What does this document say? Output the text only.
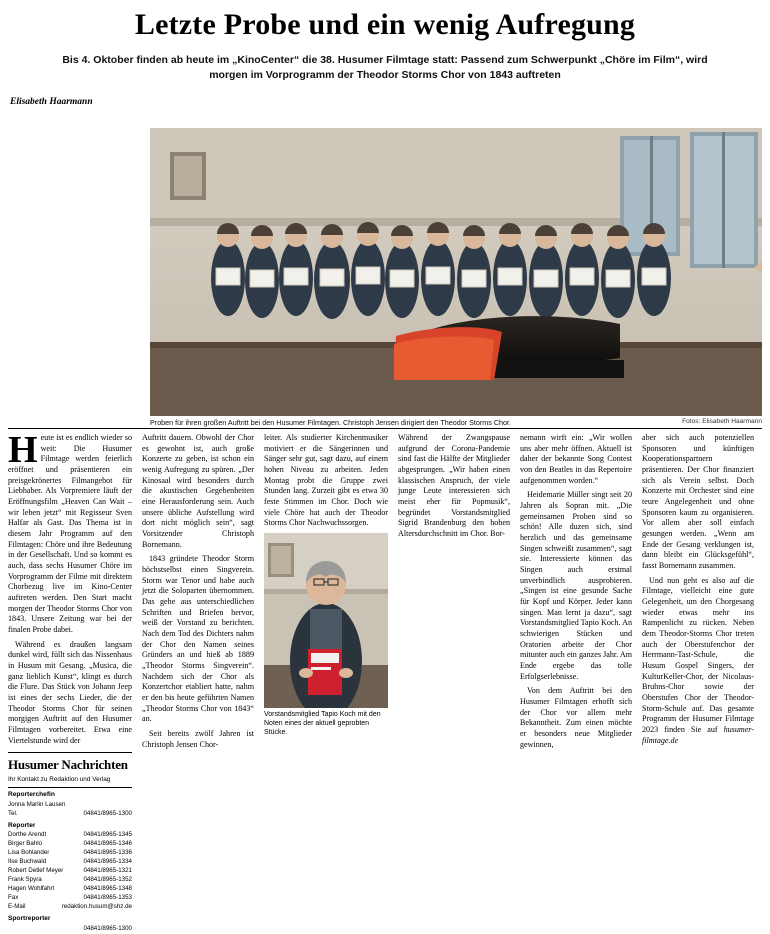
Letzte Probe und ein wenig Aufregung
Bis 4. Oktober finden ab heute im „KinoCenter“ die 38. Husumer Filmtage statt: Passend zum Schwerpunkt „Chöre im Film“, wird morgen im Vorprogramm der Theodor Storms Chor von 1843 auftreten
Elisabeth Haarmann
Proben für ihren großen Auftritt bei den Husumer Filmtagen. Christoph Jensen dirigiert den Theodor Storms Chor.	Fotos: Elisabeth Haarmann

Heute ist es endlich wieder so weit: Die Husumer Filmtage werden feierlich eröffnet und präsentieren ein preisgekrönertes Filmangebot für Liebhaber. Als Vorpremiere läuft der Eröffnungsfilm „Heaven Can Wait – wir leben jetzt“ mit Regisseur Sven Halfar als Gast. Das Thema ist in diesem Jahr Programm auf den Filmtagen: Chöre und ihre Bedeutung in der Gesellschaft. Und so kommt es auch, dass sechs Husumer Chöre im Vorprogramm der Filme mit direktem Chorbezug live im Kino-Center auftreten werden. Den Start macht morgen der Theodor Storms Chor von 1843. Unsere Zeitung war bei der finalen Probe dabei.

Während es draußen langsam dunkel wird, füllt sich das Nissenhaus in Husum mit Gesang. „Musica, die ganz lieblich Kunst“, klingt es durch die Flure. Das Stück von Johann Jeep ist eines der sechs Lieder, die der Theodor Storms Chor für seinen morgigen Auftritt auf den Husumer Filmtagen vorbereitet. Etwa eine Viertelstunde wird der

Husumer Nachrichten
Ihr Kontakt zu Redaktion und Verlag
Reporterchefin
Jonna Marlin Lausen
Tel.	04841/8965-1300
Reporter
Dorthe Arendt	04841/8965-1345
Birger Bahlo	04841/8965-1346
Lisa Bohlander	04841/8965-1336
Ilse Buchwald	04841/8965-1334
Robert Detlef Meyer	04841/8965-1321
Frank Spyra	04841/8965-1352
Hagen Wohlfahrt	04841/8965-1348
Fax	04841/8965-1353
E-Mail	redaktion.husum@shz.de
Sportreporter
04841/8965-1300

Auftritt dauern. Obwohl der Chor es gewohnt ist, auch große Konzerte zu geben, ist schon ein wenig Aufregung zu spüren. „Der Kinosaal wird besonders durch die akustischen Gegebenheiten eine Herausforderung sein. Auch unsere übliche Aufstellung wird dort nicht möglich sein“, sagt Vorsitzender Christoph Bornemann.

1843 gründete Theodor Storm höchstselbst einen Singverein. Storm war Tenor und habe auch jetzt die Soloparten übernommen. Das gehe aus unterschiedlichen Schriften und Briefen hervor, weiß der Vorstand zu berichten. Nach dem Tod des Dichters nahm der Chor den Namen seines Gründers an und hieß ab 1889 „Theodor Storms Singverein“. Nachdem sich der Chor als Konzertchor etabliert hatte, nahm er den bis heute geführten Namen „Theodor Storms Chor von 1843“ an.

Seit bereits zwölf Jahren ist Christoph Jensen Chor-

leiter. Als studierter Kirchenmusiker motiviert er die Sängerinnen und Sänger sehr gut, sagt dazu, auf einem hohen Niveau zu arbeiten. Jeden Montag probt die Gruppe zwei Stunden lang. Zurzeit gibt es etwa 30 feste Stimmen im Chor. Doch wie viele Chöre hat auch der Theodor Storms Chor Nachwuchssorgen.

Vorstandsmitglied Tapio Koch mit den Noten eines der aktuell geprobten Stücke.

Während der Zwangspause aufgrund der Corona-Pandemie sind fast die Hälfte der Mitglieder abgesprungen. „Wir haben einen klassischen Anspruch, der viele junge Leute interessieren sich meist eher für Popmusik“, begründet Vorstandsmitglied Sigrid Brandenburg den hohen Altersdurchschnitt im Chor. Bor-

nemann wirft ein: „Wir wollen uns aber mehr öffnen. Aktuell ist daher der bekannte Song Contest von den Beatles in das Repertoire aufgenommen worden.“

Heidemarie Müller singt seit 20 Jahren als Sopran mit. „Die gemeinsamen Proben sind so schön! Alle duzen sich, sind herzlich und das gemeinsame Singen schweißt zusammen“, sagt sie. Interessierte können das Singen auch erstmal unverbindlich ausprobieren. „Singen ist eine gesunde Sache für Kopf und Körper. Jeder kann singen. Man lernt ja dazu“, sagt Vorstandsmitglied Tapio Koch. An schwierigen Stücken und Oratorien arbeite der Chor mitunter auch ein ganzes Jahr. Am Ende ergebe das tolle Erfolgserlebnisse.

Von dem Auftritt bei den Husumer Filmtagen erhofft sich der Chor vor allem mehr Bekanntheit. Zum einen möchte er besonders neue Mitglieder gewinnen,

aber sich auch potenziellen Sponsoren und künftigen Kooperationspartnern präsentieren. Der Chor finanziert sich als Verein selbst. Doch Konzerte mit Orchester sind eine teure Angelegenheit und ohne Sponsoren kaum zu organisieren. Vor allem aber soll einfach gesungen werden. „Wenn am Ende der Gesang verklungen ist, dann bleibt ein Glücksgefühl“, fasst Bornemann zusammen.

Und nun geht es also auf die Filmtage, vielleicht eine gute Gelegenheit, um den Chorgesang wieder etwas mehr ins Rampenlicht zu rücken. Neben dem Theodor-Storms Chor treten auch der Oberstufenchor der Herrmann-Tast-Schule, die Husum Gospel Singers, der KulturKeller-Chor, der Nicolaus-Bruhns-Chor sowie der Oberstufen Chor der Theodor-Storm-Schule auf. Das gesamte Programm der Husumer Filmtage 2023 finden Sie auf husumer-filmtage.de
